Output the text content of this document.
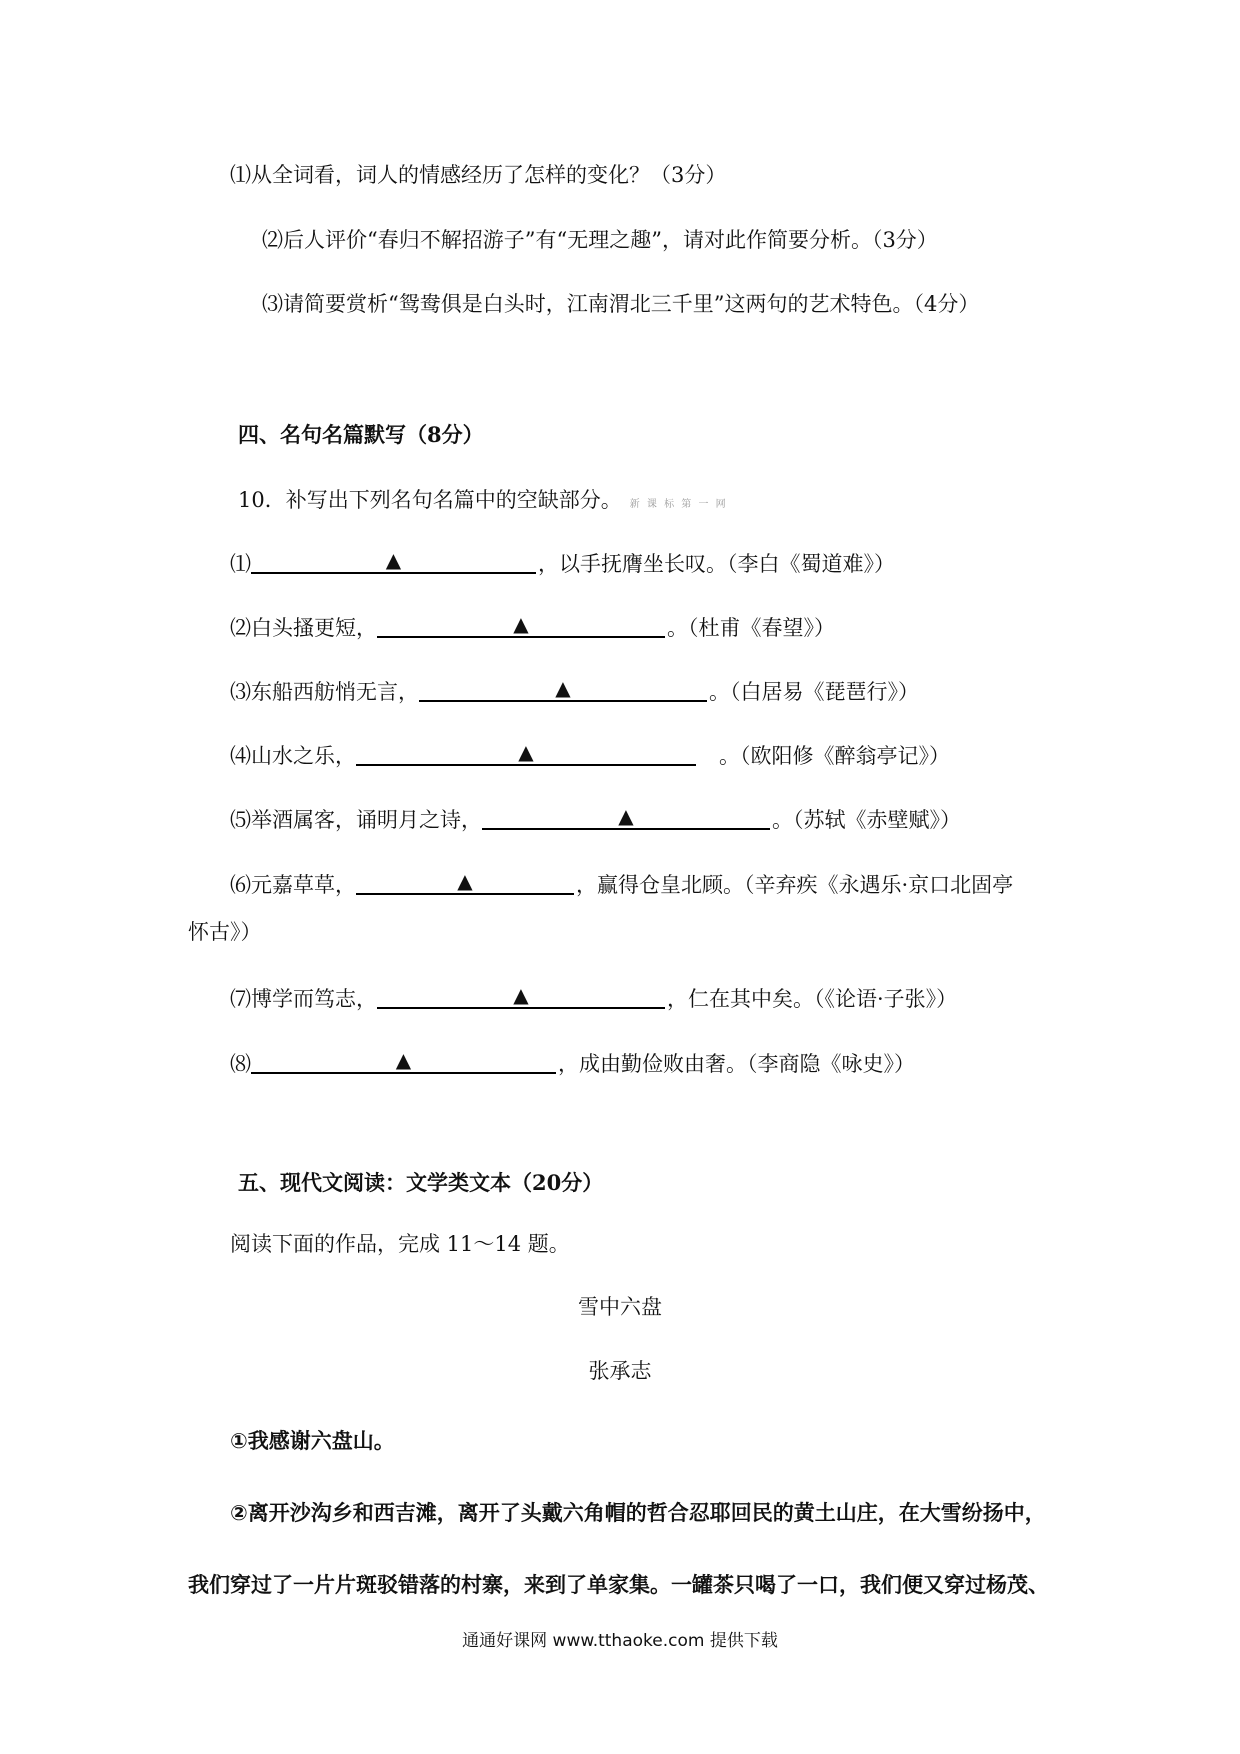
⑴从全词看，词人的情感经历了怎样的变化？（3分）
⑵后人评价“春归不解招游子”有“无理之趣”，请对此作简要分析。（3分）
⑶请简要赏析“鸳鸯俱是白头时，江南渭北三千里”这两句的艺术特色。（4分）
四、名句名篇默写（8分）
10．补写出下列名句名篇中的空缺部分。 新 课 标 第 一 网
⑴	▲	，以手抚膺坐长叹。（李白《蜀道难》）
⑵白头搔更短，	▲	。（杜甫《春望》）
⑶东船西舫悄无言，	▲	。（白居易《琵琶行》）
⑷山水之乐，	▲	　。（欧阳修《醉翁亭记》）
⑸举酒属客，诵明月之诗，	▲	。（苏轼《赤壁赋》）
⑹元嘉草草，	▲	，赢得仓皇北顾。（辛弃疾《永遇乐·京口北固亭
怀古》）
⑺博学而笃志，	▲	，仁在其中矣。（《论语·子张》）
⑻	▲	，成由勤俭败由奢。（李商隐《咏史》）
五、现代文阅读：文学类文本（20分）
阅读下面的作品，完成 11～14 题。
雪中六盘
张承志
①我感谢六盘山。
②离开沙沟乡和西吉滩，离开了头戴六角帽的哲合忍耶回民的黄土山庄，在大雪纷扬中，
我们穿过了一片片斑驳错落的村寨，来到了单家集。一罐茶只喝了一口，我们便又穿过杨茂、
通通好课网 www.tthaoke.com 提供下载
